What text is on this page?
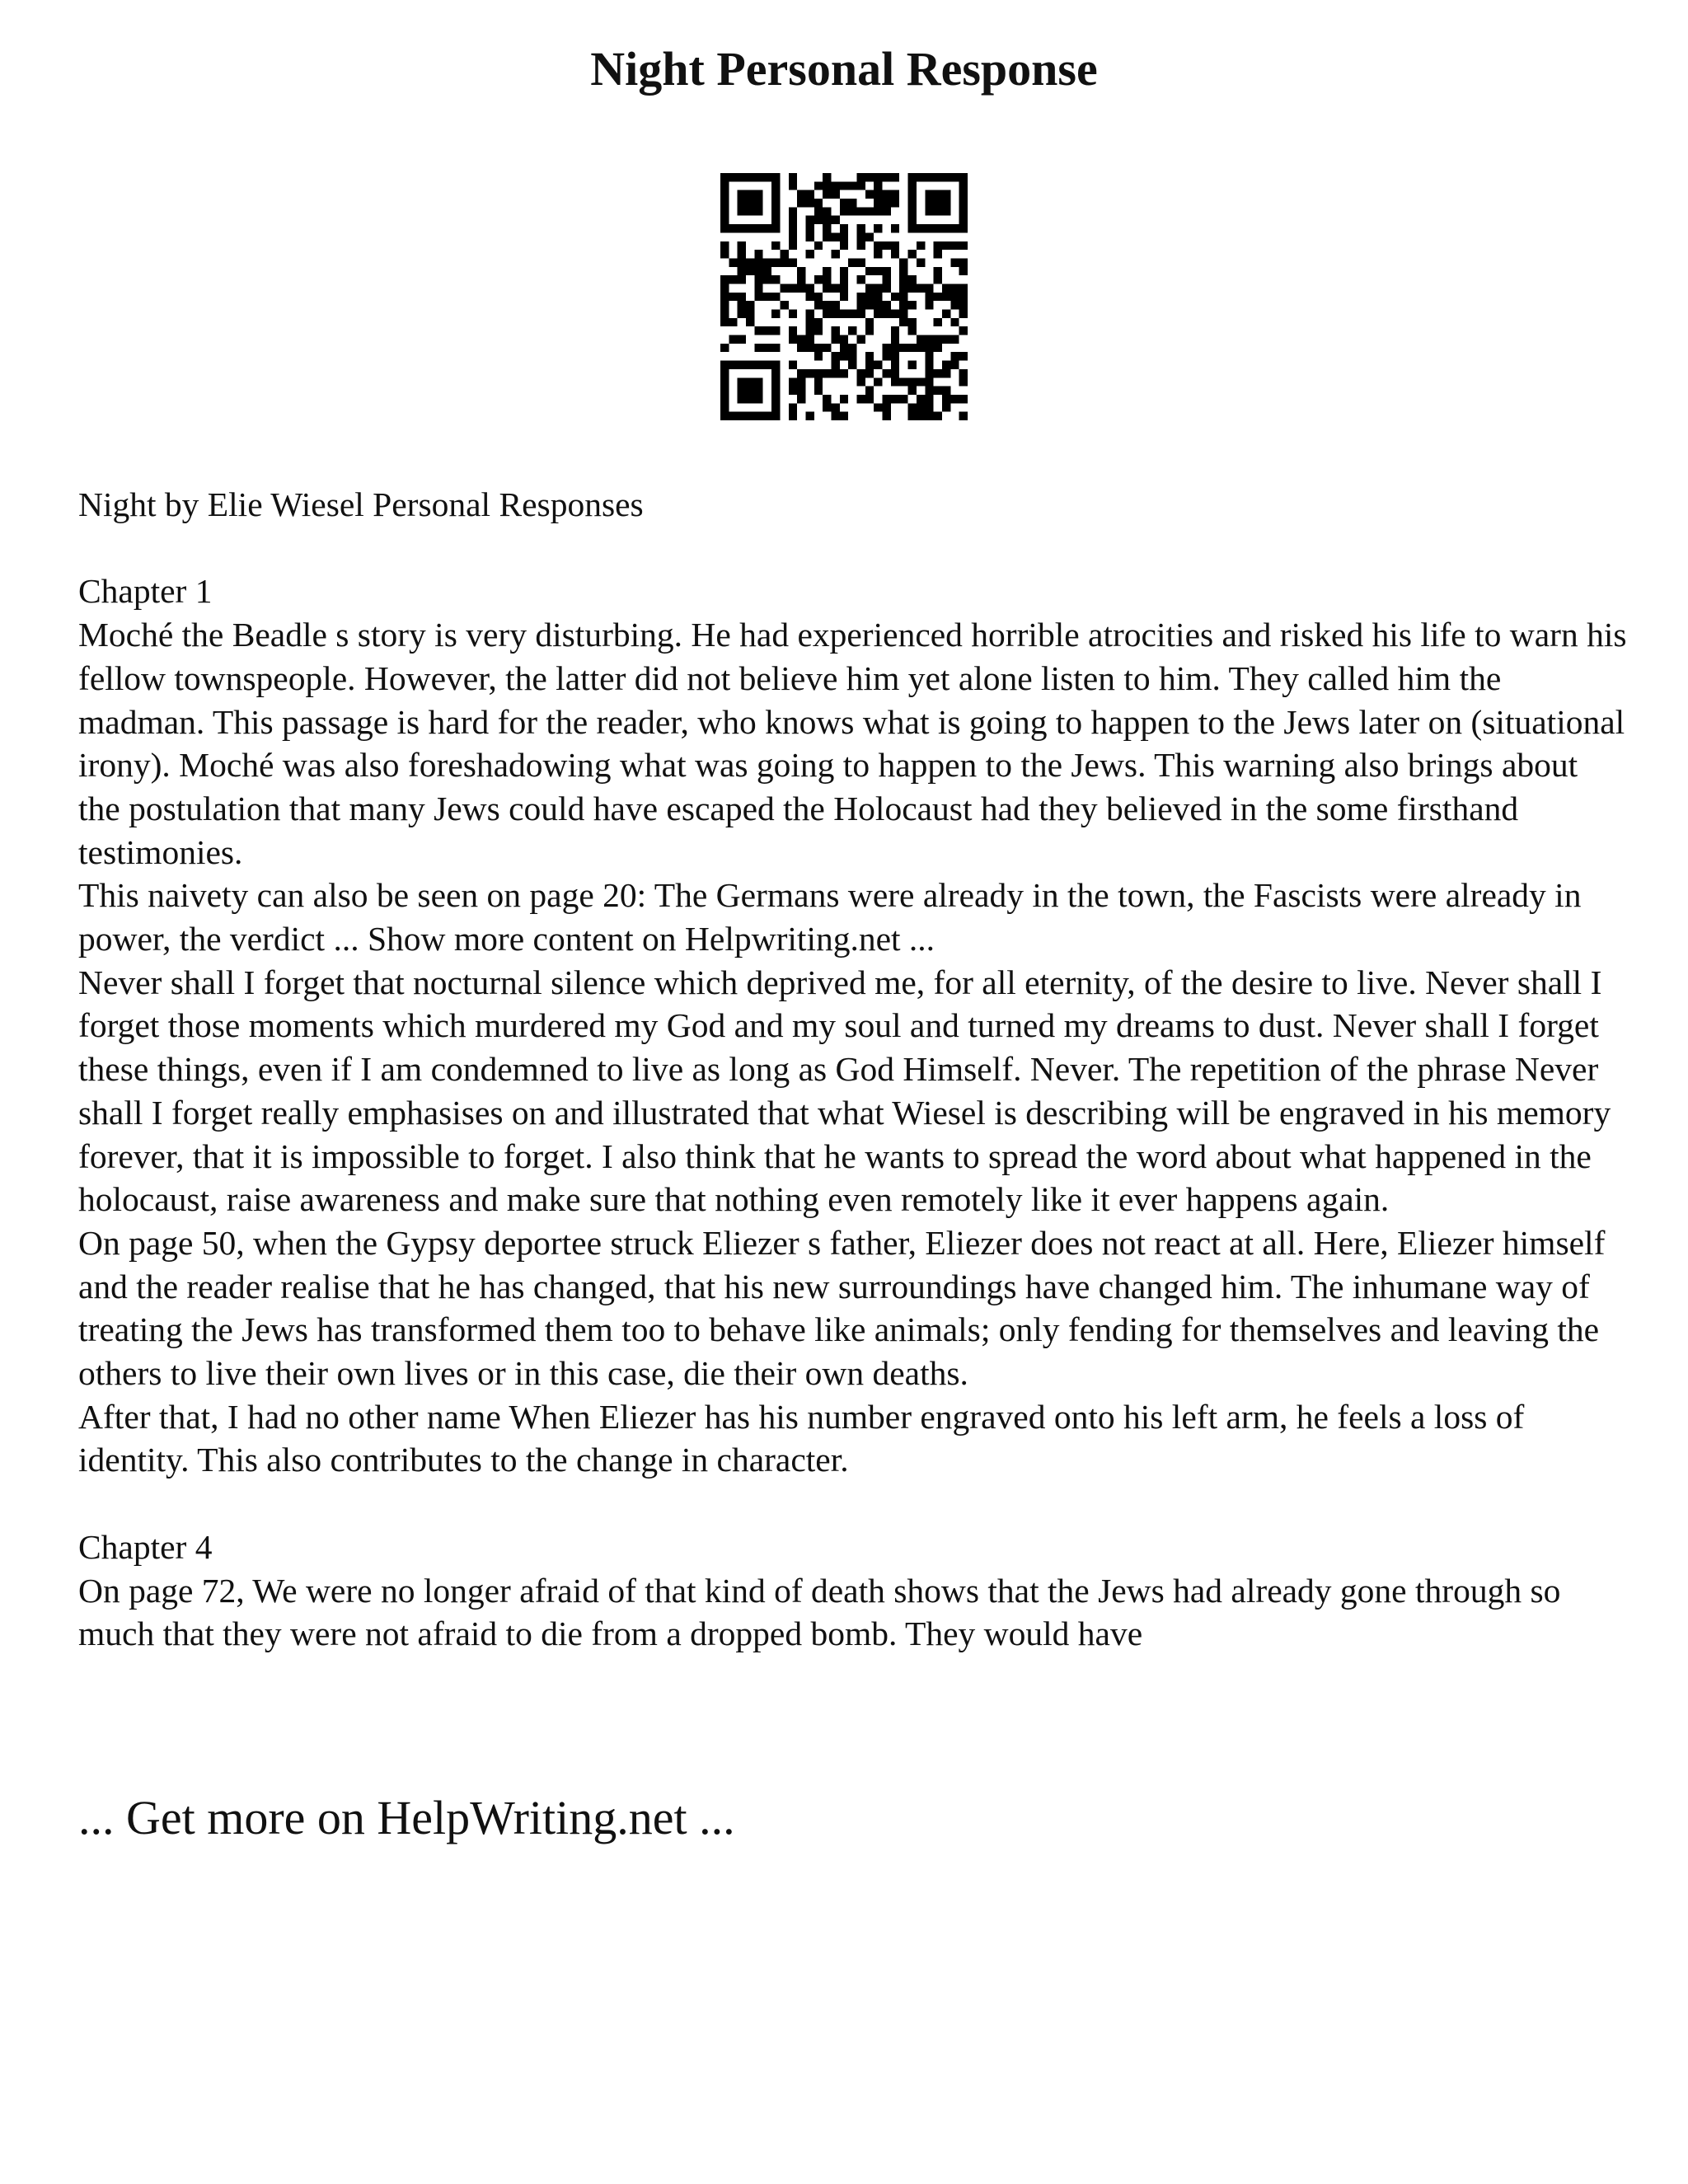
Night Personal Response

Night by Elie Wiesel Personal Responses

Chapter 1

Moché the Beadle s story is very disturbing. He had experienced horrible atrocities and risked his life to warn his fellow townspeople. However, the latter did not believe him yet alone listen to him. They called him the madman. This passage is hard for the reader, who knows what is going to happen to the Jews later on (situational irony). Moché was also foreshadowing what was going to happen to the Jews. This warning also brings about the postulation that many Jews could have escaped the Holocaust had they believed in the some firsthand testimonies.

This naivety can also be seen on page 20: The Germans were already in the town, the Fascists were already in power, the verdict ... Show more content on Helpwriting.net ...

Never shall I forget that nocturnal silence which deprived me, for all eternity, of the desire to live. Never shall I forget those moments which murdered my God and my soul and turned my dreams to dust. Never shall I forget these things, even if I am condemned to live as long as God Himself. Never. The repetition of the phrase Never shall I forget really emphasises on and illustrated that what Wiesel is describing will be engraved in his memory forever, that it is impossible to forget. I also think that he wants to spread the word about what happened in the holocaust, raise awareness and make sure that nothing even remotely like it ever happens again.

On page 50, when the Gypsy deportee struck Eliezer s father, Eliezer does not react at all. Here, Eliezer himself and the reader realise that he has changed, that his new surroundings have changed him. The inhumane way of treating the Jews has transformed them too to behave like animals; only fending for themselves and leaving the others to live their own lives or in this case, die their own deaths.

After that, I had no other name When Eliezer has his number engraved onto his left arm, he feels a loss of identity. This also contributes to the change in character.

Chapter 4

On page 72, We were no longer afraid of that kind of death shows that the Jews had already gone through so much that they were not afraid to die from a dropped bomb. They would have

... Get more on HelpWriting.net ...
